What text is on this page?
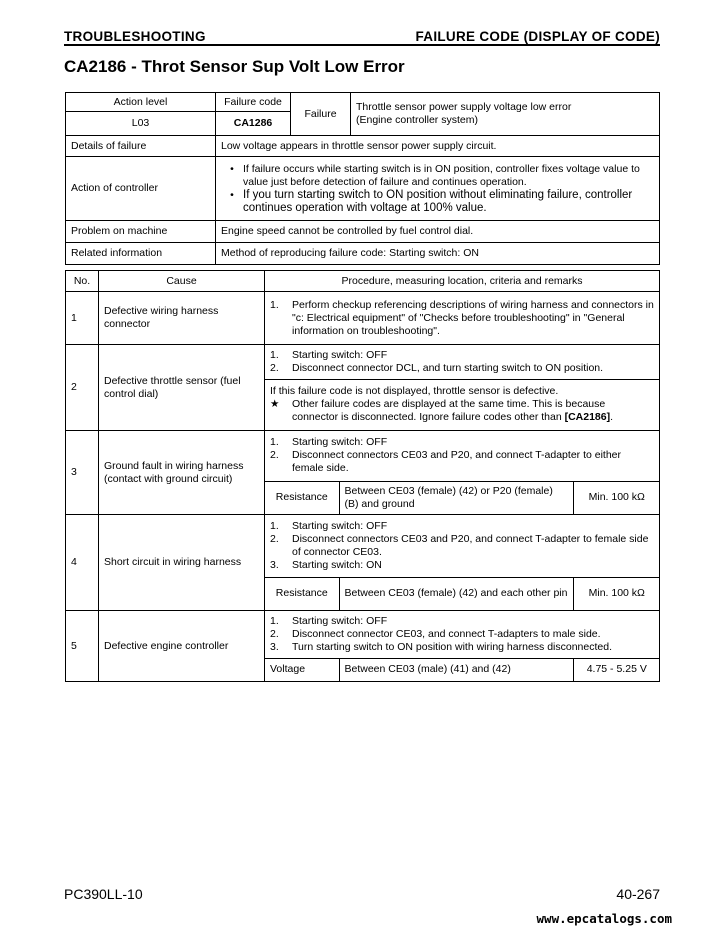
TROUBLESHOOTING	FAILURE CODE (DISPLAY OF CODE)
CA2186 - Throt Sensor Sup Volt Low Error
Action level	Failure code	Failure	Throttle sensor power supply voltage low error
(Engine controller system)

L03	CA1286		
Details of failure	Low voltage appears in throttle sensor power supply circuit.		
Action of controller	• If failure occurs while starting switch is in ON position, controller fixes voltage value to value just before detection of failure and continues operation.
• If you turn starting switch to ON position without eliminating failure, controller continues operation with voltage at 100% value.		

Problem on machine	Engine speed cannot be controlled by fuel control dial.		
Related information	Method of reproducing failure code: Starting switch: ON		
No.	Cause	Procedure, measuring location, criteria and remarks
1	Defective wiring harness connector	
1.	Perform checkup referencing descriptions of wiring harness and connectors in "c: Electrical equipment" of "Checks before troubleshooting" in "General information on troubleshooting".

2	Defective throttle sensor (fuel control dial)	
1.	Starting switch: OFF
2.	Disconnect connector DCL, and turn starting switch to ON position.

If this failure code is not displayed, throttle sensor is defective.
★	Other failure codes are displayed at the same time. This is because connector is disconnected. Ignore failure codes other than [CA2186].

3	Ground fault in wiring harness (contact with ground circuit)	
1.	Starting switch: OFF
2.	Disconnect connectors CE03 and P20, and connect T-adapter to either female side.

Resistance	Between CE03 (female) (42) or P20 (female) (B) and ground	Min. 100 kΩ

4	Short circuit in wiring harness	
1.	Starting switch: OFF
2.	Disconnect connectors CE03 and P20, and connect T-adapter to female side of connector CE03.
3.	Starting switch: ON

Resistance	Between CE03 (female) (42) and each other pin	Min. 100 kΩ

5	Defective engine controller	
1.	Starting switch: OFF
2.	Disconnect connector CE03, and connect T-adapters to male side.
3.	Turn starting switch to ON position with wiring harness disconnected.

Voltage	Between CE03 (male) (41) and (42)	4.75 - 5.25 V
PC390LL-10	40-267
www.epcatalogs.com
